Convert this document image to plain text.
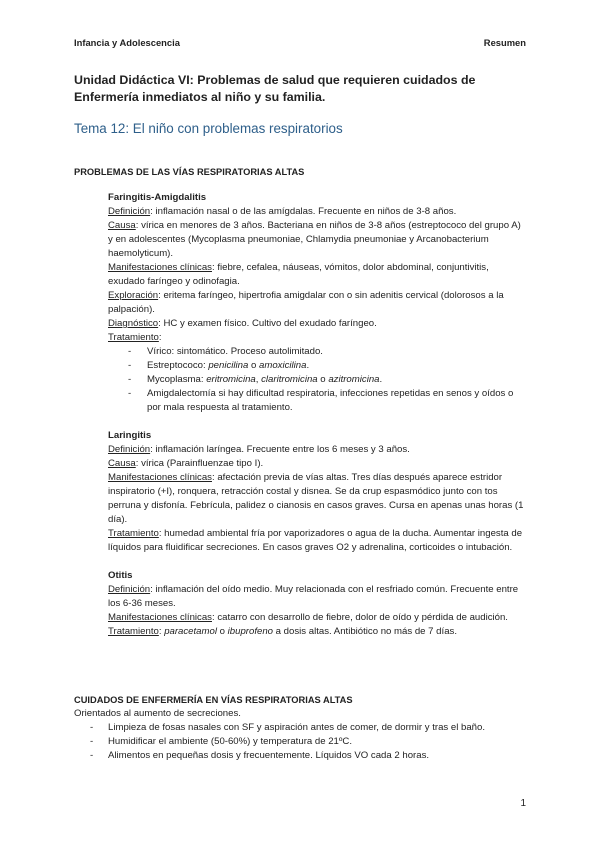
Infancia y Adolescencia	Resumen
Unidad Didáctica VI: Problemas de salud que requieren cuidados de Enfermería inmediatos al niño y su familia.
Tema 12: El niño con problemas respiratorios
PROBLEMAS DE LAS VÍAS RESPIRATORIAS ALTAS
Faringitis-Amigdalitis

Definición: inflamación nasal o de las amígdalas. Frecuente en niños de 3-8 años.

Causa: vírica en menores de 3 años. Bacteriana en niños de 3-8 años (estreptococo del grupo A) y en adolescentes (Mycoplasma pneumoniae, Chlamydia pneumoniae y Arcanobacterium haemolyticum).

Manifestaciones clínicas: fiebre, cefalea, náuseas, vómitos, dolor abdominal, conjuntivitis, exudado faríngeo y odinofagia.

Exploración: eritema faríngeo, hipertrofia amigdalar con o sin adenitis cervical (dolorosos a la palpación).

Diagnóstico: HC y examen físico. Cultivo del exudado faríngeo.

Tratamiento:

- Vírico: sintomático. Proceso autolimitado.
- Estreptococo: penicilina o amoxicilina.
- Mycoplasma: eritromicina, claritromicina o azitromicina.
- Amigdalectomía si hay dificultad respiratoria, infecciones repetidas en senos y oídos o por mala respuesta al tratamiento.
Laringitis

Definición: inflamación laríngea. Frecuente entre los 6 meses y 3 años.

Causa: vírica (Parainfluenzae tipo I).

Manifestaciones clínicas: afectación previa de vías altas. Tres días después aparece estridor inspiratorio (+I), ronquera, retracción costal y disnea. Se da crup espasmódico junto con tos perruna y disfonía. Febrícula, palidez o cianosis en casos graves. Cursa en apenas unas horas (1 día).

Tratamiento: humedad ambiental fría por vaporizadores o agua de la ducha. Aumentar ingesta de líquidos para fluidificar secreciones. En casos graves O2 y adrenalina, corticoides o intubación.

Otitis

Definición: inflamación del oído medio. Muy relacionada con el resfriado común. Frecuente entre los 6-36 meses.

Manifestaciones clínicas: catarro con desarrollo de fiebre, dolor de oído y pérdida de audición.

Tratamiento: paracetamol o ibuprofeno a dosis altas. Antibiótico no más de 7 días.

CUIDADOS DE ENFERMERÍA EN VÍAS RESPIRATORIAS ALTAS

Orientados al aumento de secreciones.

- Limpieza de fosas nasales con SF y aspiración antes de comer, de dormir y tras el baño.
- Humidificar el ambiente (50-60%) y temperatura de 21ºC.
- Alimentos en pequeñas dosis y frecuentemente. Líquidos VO cada 2 horas.
1
